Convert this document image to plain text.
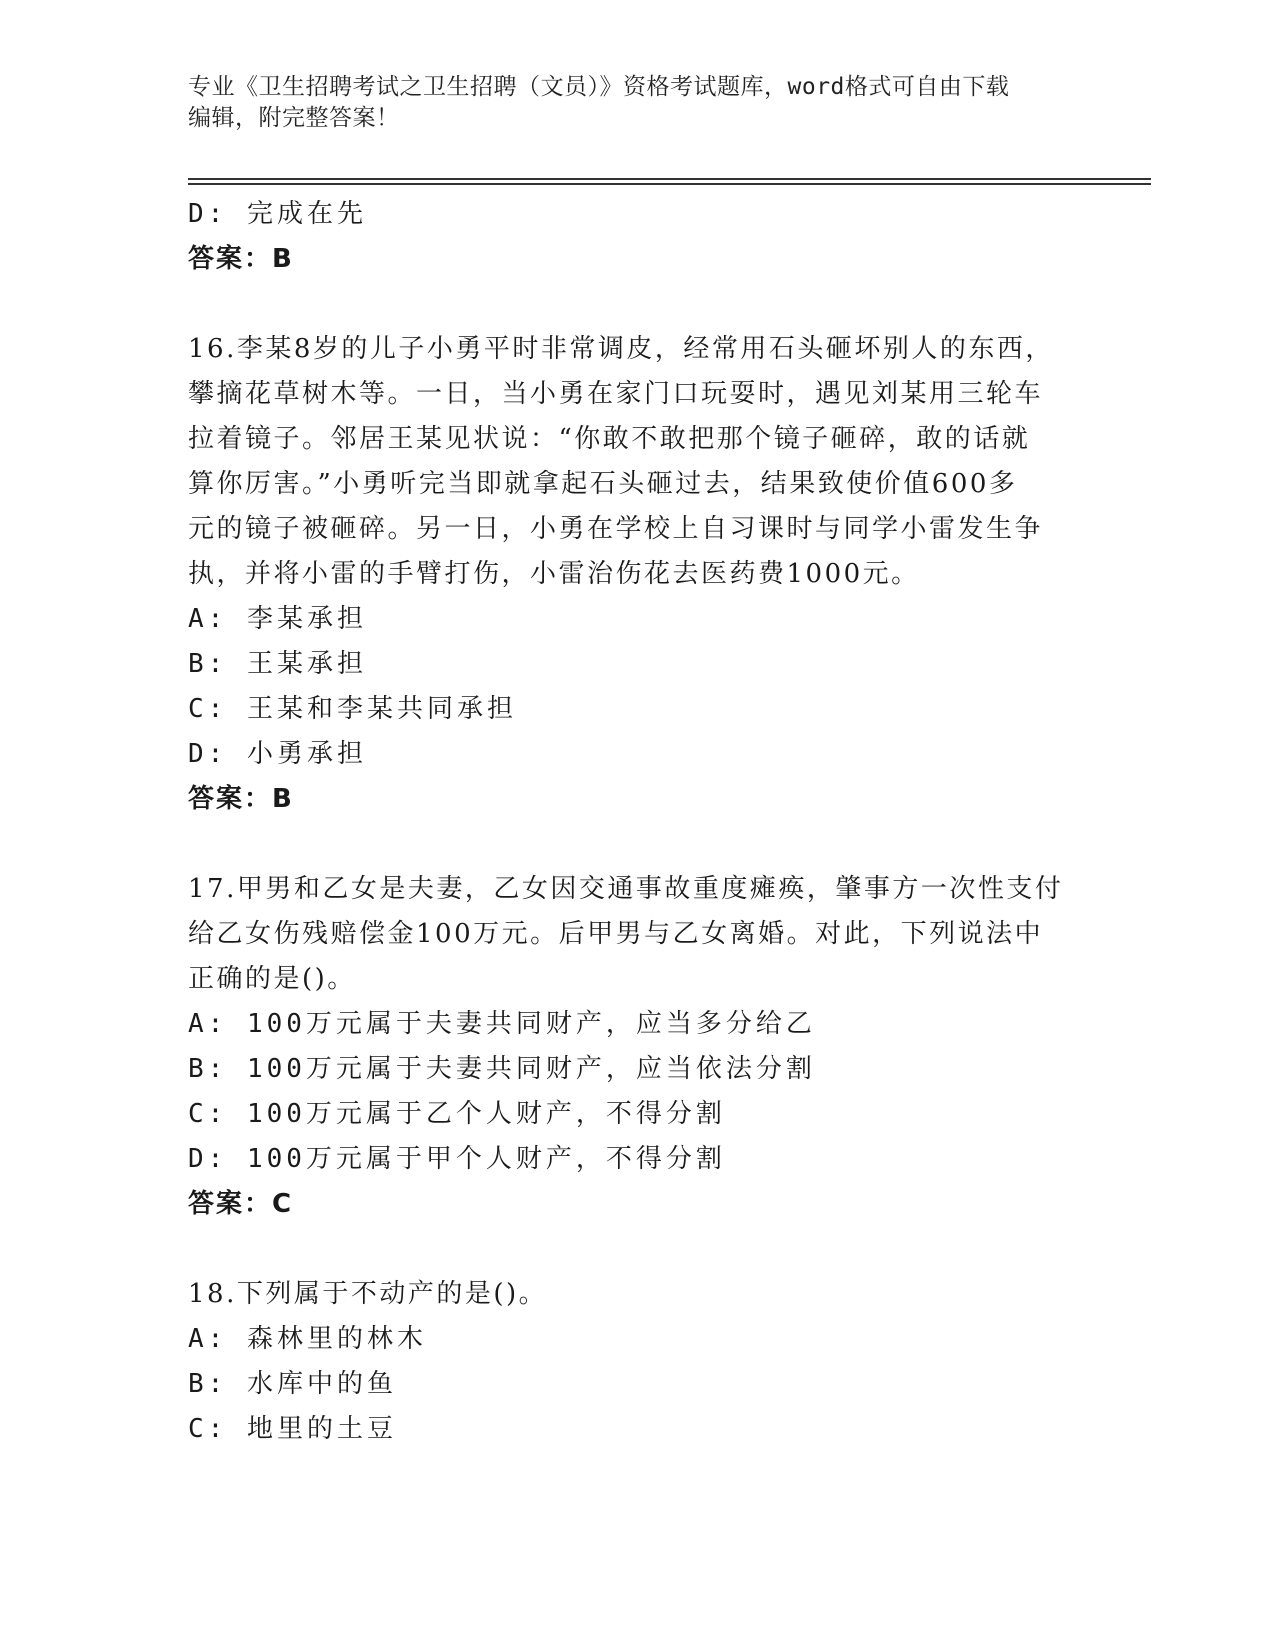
专业《卫生招聘考试之卫生招聘（文员）》资格考试题库，word格式可自由下载
编辑，附完整答案！
D: 完成在先
答案：B
16.李某8岁的儿子小勇平时非常调皮，经常用石头砸坏别人的东西，
攀摘花草树木等。一日，当小勇在家门口玩耍时，遇见刘某用三轮车
拉着镜子。邻居王某见状说：“你敢不敢把那个镜子砸碎，敢的话就
算你厉害。”小勇听完当即就拿起石头砸过去，结果致使价值600多
元的镜子被砸碎。另一日，小勇在学校上自习课时与同学小雷发生争
执，并将小雷的手臂打伤，小雷治伤花去医药费1000元。
A: 李某承担
B: 王某承担
C: 王某和李某共同承担
D: 小勇承担
答案：B
17.甲男和乙女是夫妻，乙女因交通事故重度瘫痪，肇事方一次性支付
给乙女伤残赔偿金100万元。后甲男与乙女离婚。对此，下列说法中
正确的是()。
A: 100万元属于夫妻共同财产，应当多分给乙
B: 100万元属于夫妻共同财产，应当依法分割
C: 100万元属于乙个人财产，不得分割
D: 100万元属于甲个人财产，不得分割
答案：C
18.下列属于不动产的是()。
A: 森林里的林木
B: 水库中的鱼
C: 地里的土豆
